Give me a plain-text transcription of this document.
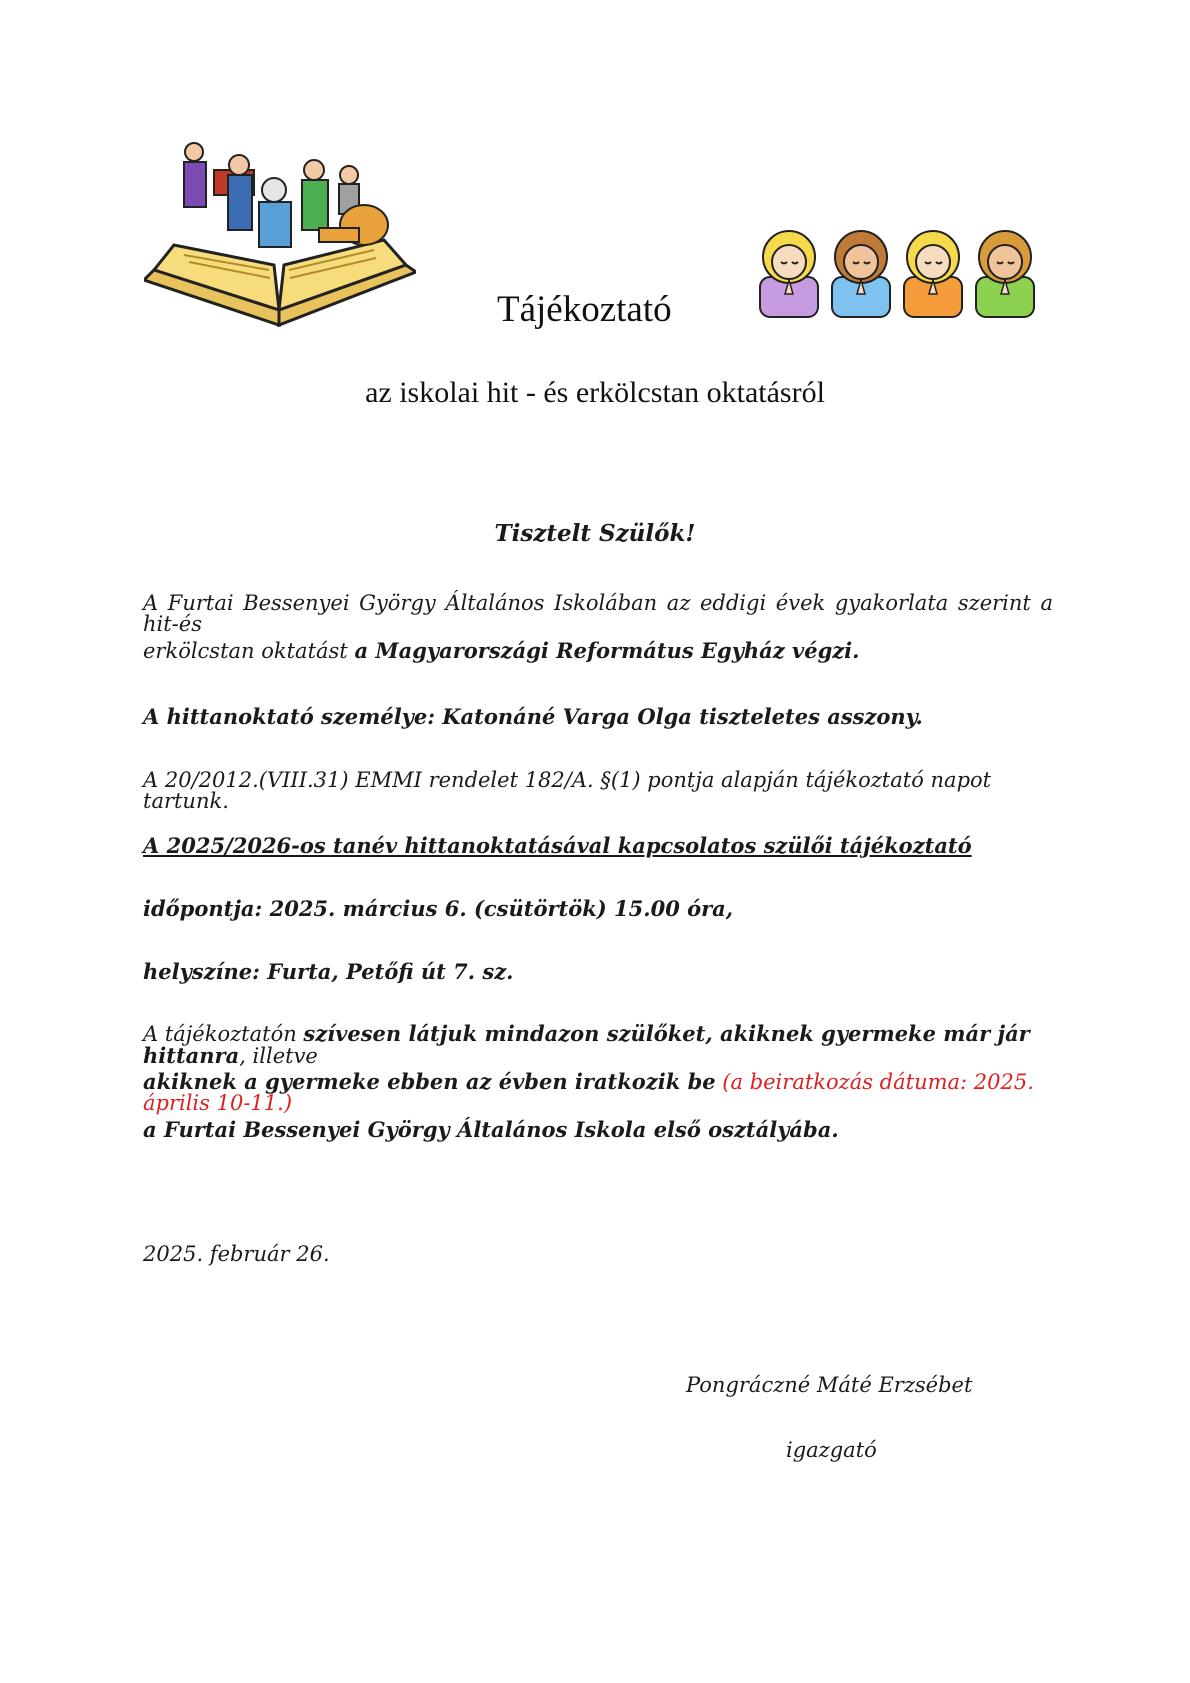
Tájékoztató
az iskolai hit - és erkölcstan oktatásról
Tisztelt Szülők!
A Furtai Bessenyei György Általános Iskolában az eddigi évek gyakorlata szerint a hit-és
erkölcstan oktatást a Magyarországi Református Egyház végzi.
A hittanoktató személye: Katonáné Varga Olga tiszteletes asszony.
A 20/2012.(VIII.31) EMMI rendelet 182/A. §(1) pontja alapján tájékoztató napot tartunk.
A 2025/2026-os tanév hittanoktatásával kapcsolatos szülői tájékoztató
időpontja: 2025. március 6. (csütörtök) 15.00 óra,
helyszíne: Furta, Petőfi út 7. sz.
A tájékoztatón szívesen látjuk mindazon szülőket, akiknek gyermeke már jár hittanra, illetve
akiknek a gyermeke ebben az évben iratkozik be (a beiratkozás dátuma: 2025. április 10-11.)
a Furtai Bessenyei György Általános Iskola első osztályába.
2025. február 26.
Pongráczné Máté Erzsébet
igazgató
